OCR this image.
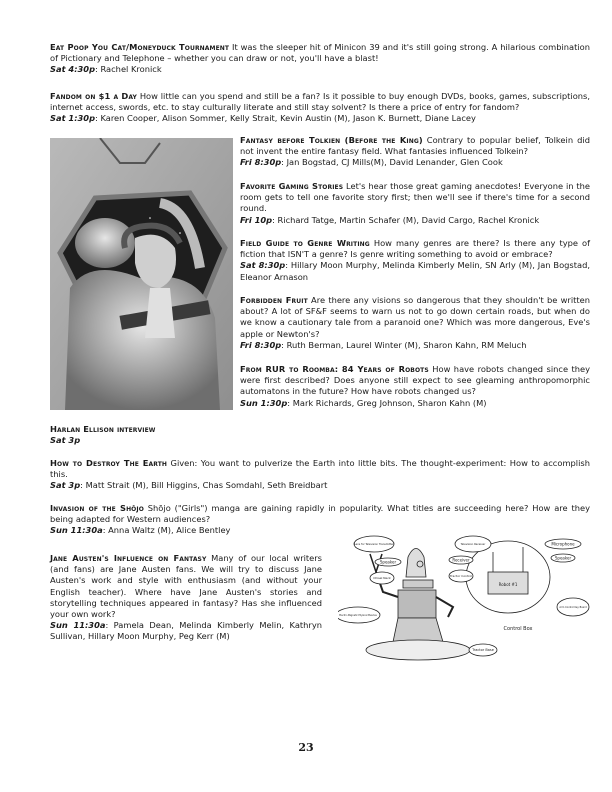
Eat Poop You Cat/Moneyduck Tournament It was the sleeper hit of Minicon 39 and it's still going strong. A hilarious combination of Pictionary and Telephone – whether you can draw or not, you'll have a blast!

Sat 4:30p: Rachel Kronick

Fandom on $1 a Day How little can you spend and still be a fan? Is it possible to buy enough DVDs, books, games, subscriptions, internet access, swords, etc. to stay culturally literate and still stay solvent? Is there a price of entry for fandom?

Sat 1:30p: Karen Cooper, Alison Sommer, Kelly Strait, Kevin Austin (M), Jason K. Burnett, Diane Lacey

Fantasy before Tolkien (Before the King) Contrary to popular belief, Tolkein did not invent the entire fantasy field. What fantasies influenced Tolkein?

Fri 8:30p: Jan Bogstad, CJ Mills(M), David Lenander, Glen Cook

Favorite Gaming Stories Let's hear those great gaming anecdotes! Everyone in the room gets to tell one favorite story first; then we'll see if there's time for a second round.

Fri 10p: Richard Tatge, Martin Schafer (M), David Cargo, Rachel Kronick

Field Guide to Genre Writing How many genres are there? Is there any type of fiction that ISN'T a genre? Is genre writing something to avoid or embrace?

Sat 8:30p: Hillary Moon Murphy, Melinda Kimberly Melin, SN Arly (M), Jan Bogstad, Eleanor Arnason

Forbidden Fruit Are there any visions so dangerous that they shouldn't be written about? A lot of SF&F seems to warn us not to go down certain roads, but when do we know a cautionary tale from a paranoid one? Which was more dangerous, Eve's apple or Newton's?

Fri 8:30p: Ruth Berman, Laurel Winter (M), Sharon Kahn, RM Meluch

From RUR to Roomba: 84 Years of Robots How have robots changed since they were first described? Does anyone still expect to see gleaming anthropomorphic automatons in the future? How have robots changed us?

Sun 1:30p: Mark Richards, Greg Johnson, Sharon Kahn (M)

Harlan Ellison interview

Sat 3p

How to Destroy The Earth Given: You want to pulverize the Earth into little bits. The thought-experiment: How to accomplish this.

Sat 3p: Matt Strait (M), Bill Higgins, Chas Somdahl, Seth Breidbart

Invasion of the Shōjo Shōjo ("Girls") manga are gaining rapidly in popularity. What titles are succeeding here? How are they being adapted for Western audiences?

Sun 11:30a: Anna Waltz (M), Alice Bentley

Jane Austen's Influence on Fantasy Many of our local writers (and fans) are Jane Austen fans. We will try to discuss Jane Austen's work and style with enthusiasm (and without your English teacher). Where have Jane Austen's stories and storytelling techniques appeared in fantasy? Has she influenced your own work?

Sun 11:30a: Pamela Dean, Melinda Kimberly Melin, Kathryn Sullivan, Hillary Moon Murphy, Peg Kerr (M)

Lens for Television Transmitter
Speaker
Chisel Neck
Electro-Magnetic Physical Muscles
Tractor Base
Television Receiver
Receiver
Tractor Control
Microphone
Speaker
Robot #1
Arm Control Key Board
Control Box
23
